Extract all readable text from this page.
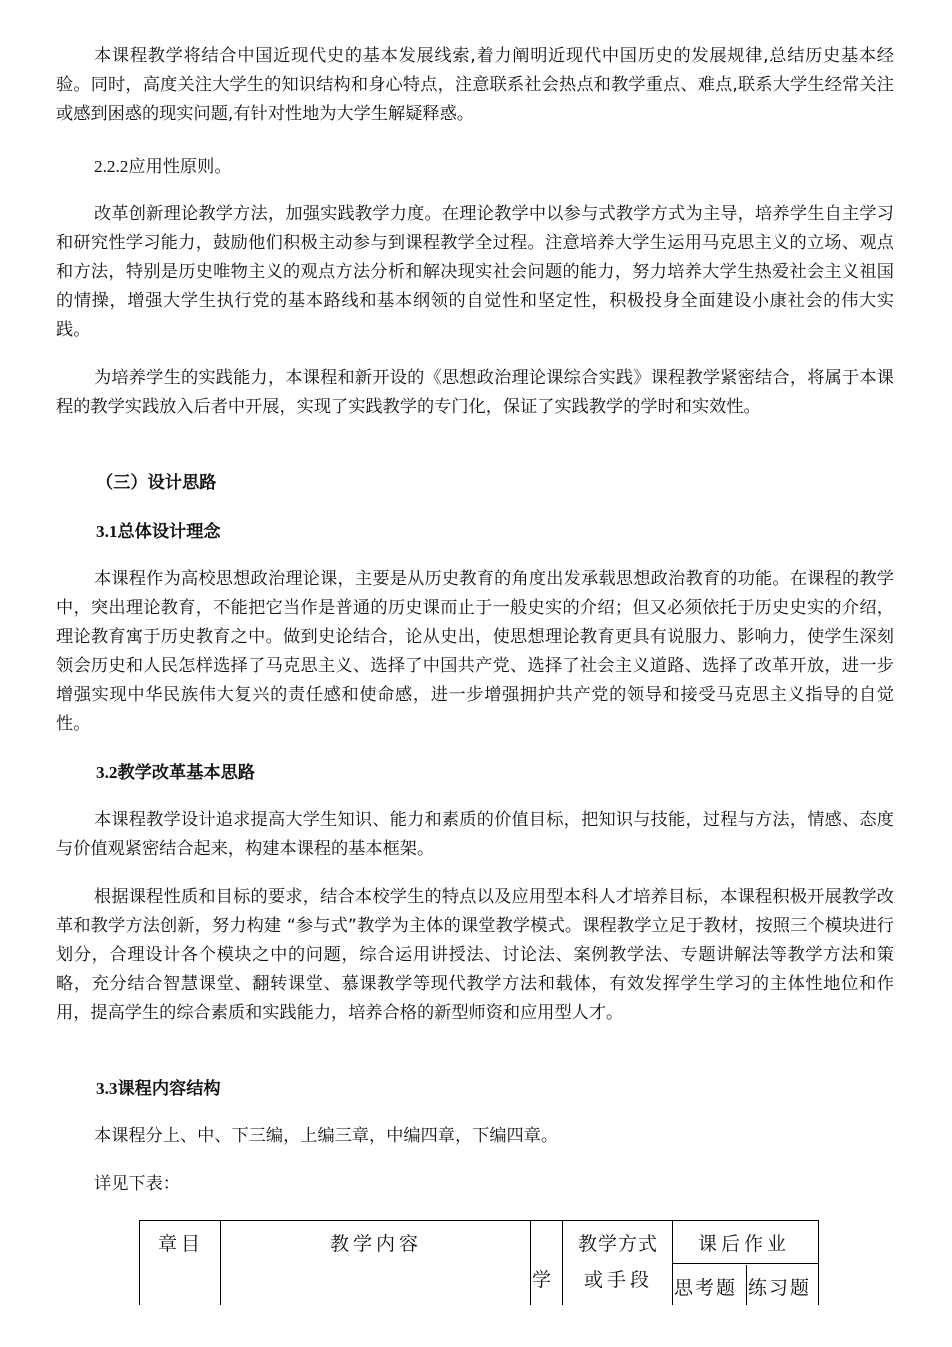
本课程教学将结合中国近现代史的基本发展线索,着力阐明近现代中国历史的发展规律,总结历史基本经验。同时，高度关注大学生的知识结构和身心特点，注意联系社会热点和教学重点、难点,联系大学生经常关注或感到困惑的现实问题,有针对性地为大学生解疑释惑。

2.2.2应用性原则。

改革创新理论教学方法，加强实践教学力度。在理论教学中以参与式教学方式为主导，培养学生自主学习和研究性学习能力，鼓励他们积极主动参与到课程教学全过程。注意培养大学生运用马克思主义的立场、观点和方法，特别是历史唯物主义的观点方法分析和解决现实社会问题的能力，努力培养大学生热爱社会主义祖国的情操，增强大学生执行党的基本路线和基本纲领的自觉性和坚定性，积极投身全面建设小康社会的伟大实践。

为培养学生的实践能力，本课程和新开设的《思想政治理论课综合实践》课程教学紧密结合，将属于本课程的教学实践放入后者中开展，实现了实践教学的专门化，保证了实践教学的学时和实效性。

（三）设计思路

3.1总体设计理念

本课程作为高校思想政治理论课，主要是从历史教育的角度出发承载思想政治教育的功能。在课程的教学中，突出理论教育，不能把它当作是普通的历史课而止于一般史实的介绍；但又必须依托于历史史实的介绍，理论教育寓于历史教育之中。做到史论结合，论从史出，使思想理论教育更具有说服力、影响力，使学生深刻领会历史和人民怎样选择了马克思主义、选择了中国共产党、选择了社会主义道路、选择了改革开放，进一步增强实现中华民族伟大复兴的责任感和使命感，进一步增强拥护共产党的领导和接受马克思主义指导的自觉性。

3.2教学改革基本思路

本课程教学设计追求提高大学生知识、能力和素质的价值目标，把知识与技能，过程与方法，情感、态度与价值观紧密结合起来，构建本课程的基本框架。

根据课程性质和目标的要求，结合本校学生的特点以及应用型本科人才培养目标，本课程积极开展教学改革和教学方法创新，努力构建 “参与式”教学为主体的课堂教学模式。课程教学立足于教材，按照三个模块进行划分，合理设计各个模块之中的问题，综合运用讲授法、讨论法、案例教学法、专题讲解法等教学方法和策略，充分结合智慧课堂、翻转课堂、慕课教学等现代教学方法和载体，有效发挥学生学习的主体性地位和作用，提高学生的综合素质和实践能力，培养合格的新型师资和应用型人才。

3.3课程内容结构

本课程分上、中、下三编，上编三章，中编四章，下编四章。

详见下表：

章目	教学内容
学
教学方式
或手段
课后作业
思考题 练习题
